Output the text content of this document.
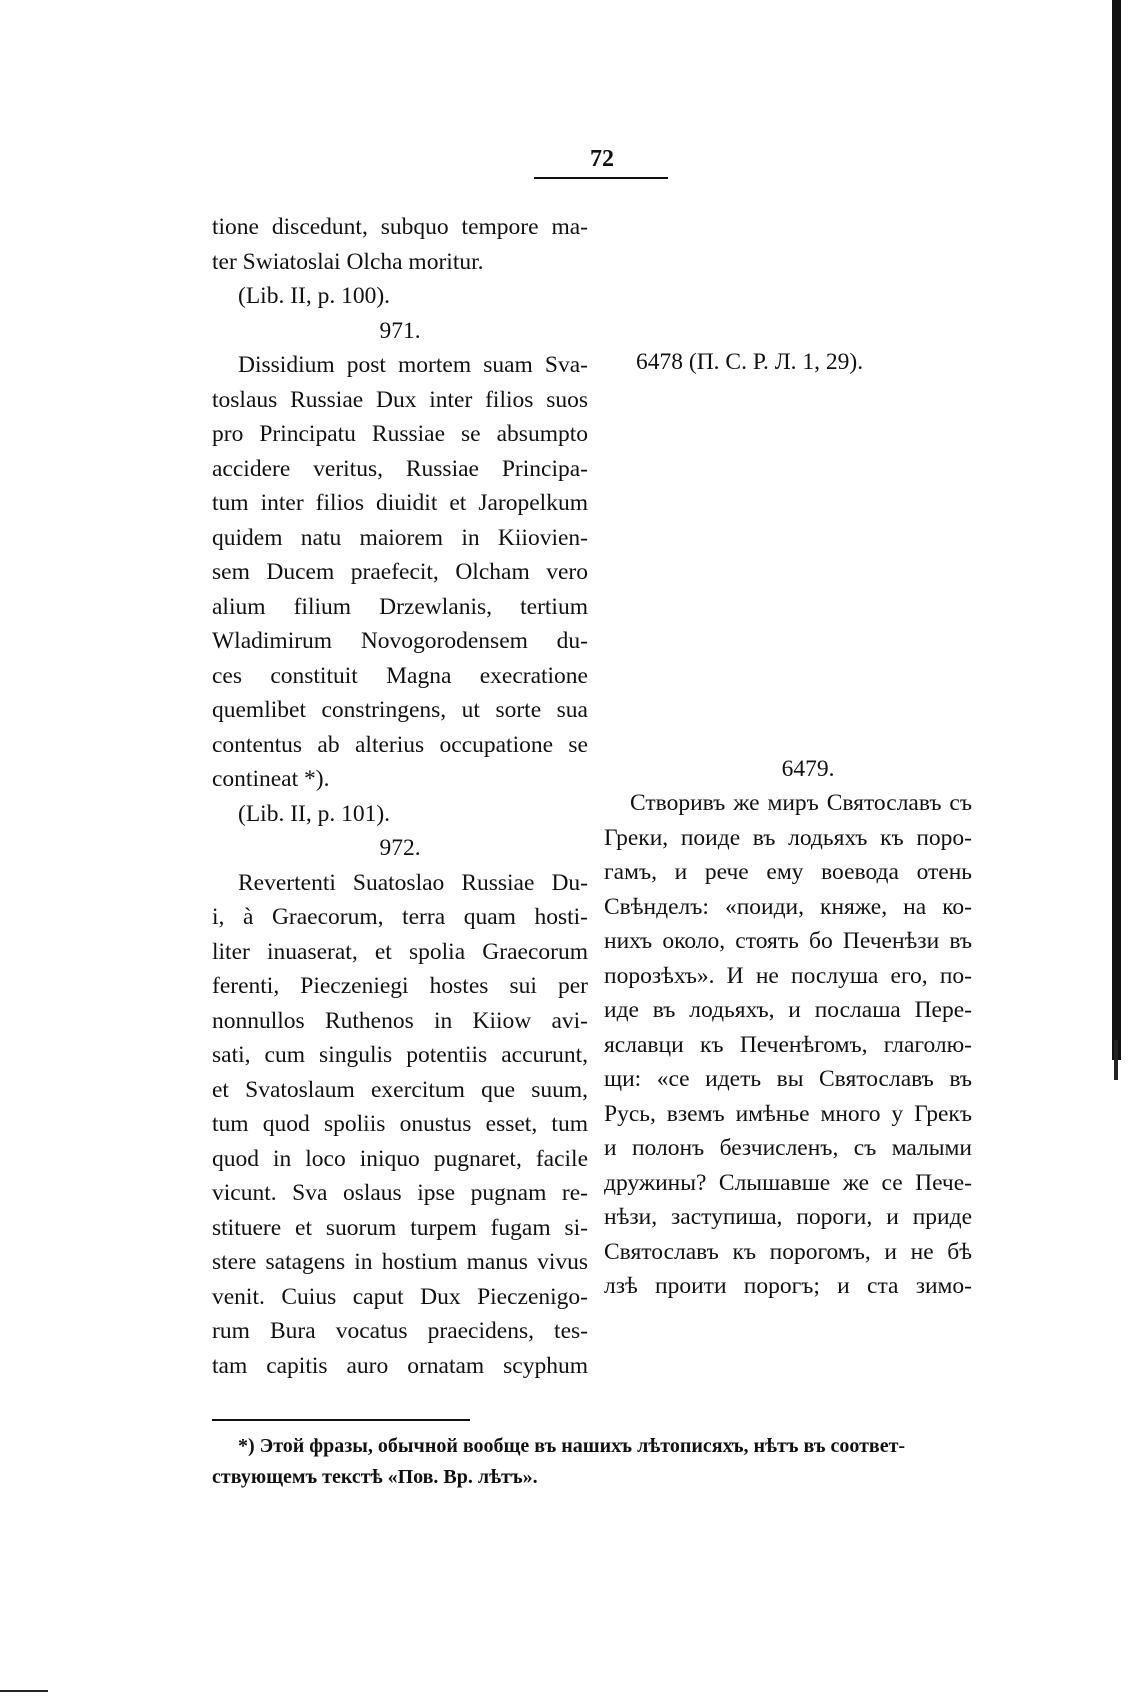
72

tione discedunt, subquo tempore ma-

ter Swiatoslai Olcha moritur.

(Lib. II, p. 100).

971.

Dissidium post mortem suam Sva-

toslaus Russiae Dux inter filios suos

pro Principatu Russiae se absumpto

accidere veritus, Russiae Principa-

tum inter filios diuidit et Jaropelkum

quidem natu maiorem in Kiiovien-

sem Ducem praefecit, Olcham vero

alium filium Drzewlanis, tertium

Wladimirum Novogorodensem du-

ces constituit Magna execratione

quemlibet constringens, ut sorte sua

contentus ab alterius occupatione se

contineat *).

(Lib. II, p. 101).

972.

Revertenti Suatoslao Russiae Du-

i, à Graecorum, terra quam hosti-

liter inuaserat, et spolia Graecorum

ferenti, Pieczeniegi hostes sui per

nonnullos Ruthenos in Kiiow avi-

sati, cum singulis potentiis accurunt,

et Svatoslaum exercitum que suum,

tum quod spoliis onustus esset, tum

quod in loco iniquo pugnaret, facile

vicunt. Sva oslaus ipse pugnam re-

stituere et suorum turpem fugam si-

stere satagens in hostium manus vivus

venit. Cuius caput Dux Pieczenigo-

rum Bura vocatus praecidens, tes-

tam capitis auro ornatam scyphum

6478 (П. С. Р. Л. 1, 29).

6479.

Створивъ же миръ Святославъ съ

Греки, поиде въ лодьяхъ къ поро-

гамъ, и рече ему воевода отень

Свѣнделъ: «поиди, княже, на ко-

нихъ около, стоять бо Печенѣзи въ

порозѣхъ». И не послуша его, по-

иде въ лодьяхъ, и послаша Пере-

яславци къ Печенѣгомъ, глаголю-

щи: «се идеть вы Святославъ въ

Русь, вземъ имѣнье много у Грекъ

и полонъ безчисленъ, съ малыми

дружины? Слышавше же се Пече-

нѣзи, заступиша, пороги, и приде

Святославъ къ порогомъ, и не бѣ

лзѣ проити порогъ; и ста зимо-

*) Этой фразы, обычной вообще въ нашихъ лѣтописяхъ, нѣтъ въ соответ-

ствующемъ текстѣ «Пов. Вр. лѣтъ».
